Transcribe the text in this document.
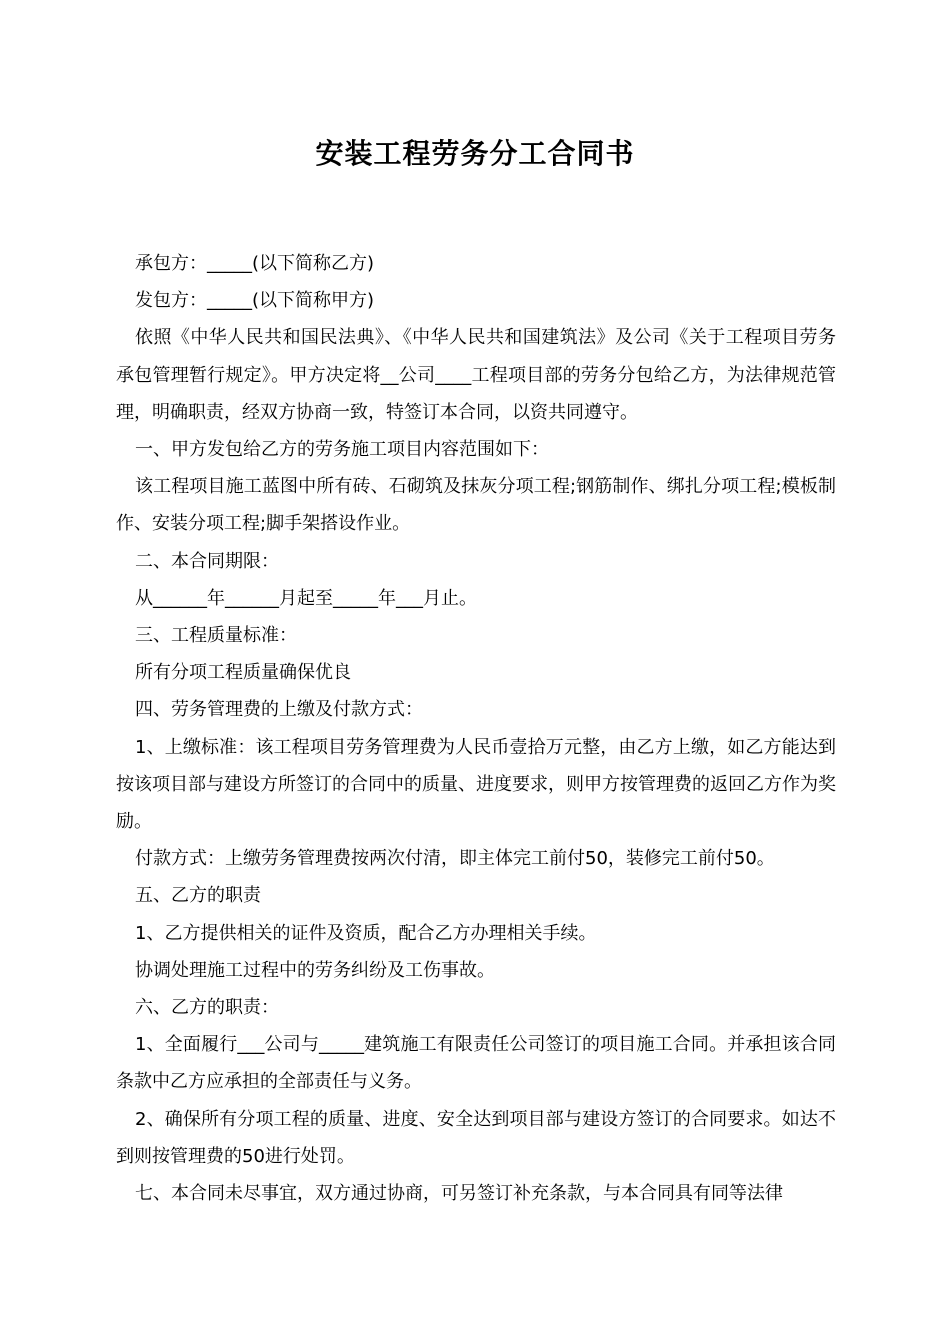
安装工程劳务分工合同书

承包方：_____(以下简称乙方)

发包方：_____(以下简称甲方)

依照《中华人民共和国民法典》、《中华人民共和国建筑法》及公司《关于工程项目劳务承包管理暂行规定》。甲方决定将__公司____工程项目部的劳务分包给乙方，为法律规范管理，明确职责，经双方协商一致，特签订本合同，以资共同遵守。

一、甲方发包给乙方的劳务施工项目内容范围如下：

该工程项目施工蓝图中所有砖、石砌筑及抹灰分项工程;钢筋制作、绑扎分项工程;模板制作、安装分项工程;脚手架搭设作业。

二、本合同期限：

从______年______月起至_____年___月止。

三、工程质量标准：

所有分项工程质量确保优良

四、劳务管理费的上缴及付款方式：

1、上缴标准：该工程项目劳务管理费为人民币壹拾万元整，由乙方上缴，如乙方能达到按该项目部与建设方所签订的合同中的质量、进度要求，则甲方按管理费的返回乙方作为奖励。

付款方式：上缴劳务管理费按两次付清，即主体完工前付50，装修完工前付50。

五、乙方的职责

1、乙方提供相关的证件及资质，配合乙方办理相关手续。

协调处理施工过程中的劳务纠纷及工伤事故。

六、乙方的职责：

1、全面履行___公司与_____建筑施工有限责任公司签订的项目施工合同。并承担该合同条款中乙方应承担的全部责任与义务。

2、确保所有分项工程的质量、进度、安全达到项目部与建设方签订的合同要求。如达不到则按管理费的50进行处罚。

七、本合同未尽事宜，双方通过协商，可另签订补充条款，与本合同具有同等法律
